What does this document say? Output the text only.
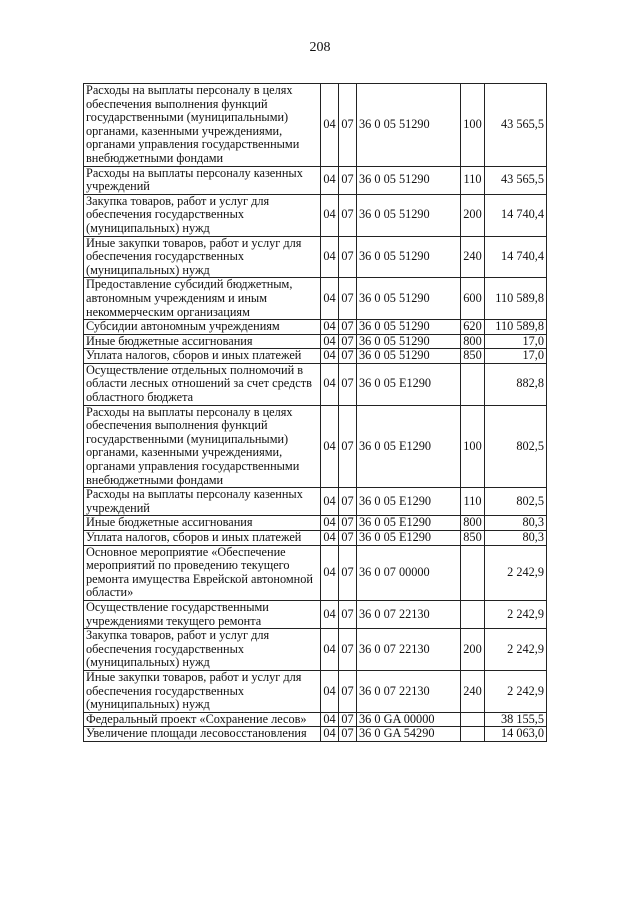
208
Расходы на выплаты персоналу в целях обеспечения выполнения функций государственными (муниципальными) органами, казенными учреждениями, органами управления государственными внебюджетными фондами	04	07	36 0 05 51290	100	43 565,5
Расходы на выплаты персоналу казенных учреждений	04	07	36 0 05 51290	110	43 565,5
Закупка товаров, работ и услуг для обеспечения государственных (муниципальных) нужд	04	07	36 0 05 51290	200	14 740,4
Иные закупки товаров, работ и услуг для обеспечения государственных (муниципальных) нужд	04	07	36 0 05 51290	240	14 740,4
Предоставление субсидий бюджетным, автономным учреждениям и иным некоммерческим организациям	04	07	36 0 05 51290	600	110 589,8
Субсидии автономным учреждениям	04	07	36 0 05 51290	620	110 589,8
Иные бюджетные ассигнования	04	07	36 0 05 51290	800	17,0
Уплата налогов, сборов и иных платежей	04	07	36 0 05 51290	850	17,0
Осуществление отдельных полномочий в области лесных отношений за счет средств областного бюджета	04	07	36 0 05 E1290		882,8
Расходы на выплаты персоналу в целях обеспечения выполнения функций государственными (муниципальными) органами, казенными учреждениями, органами управления государственными внебюджетными фондами	04	07	36 0 05 E1290	100	802,5
Расходы на выплаты персоналу казенных учреждений	04	07	36 0 05 E1290	110	802,5
Иные бюджетные ассигнования	04	07	36 0 05 E1290	800	80,3
Уплата налогов, сборов и иных платежей	04	07	36 0 05 E1290	850	80,3
Основное мероприятие «Обеспечение мероприятий по проведению текущего ремонта имущества Еврейской автономной области»	04	07	36 0 07 00000		2 242,9
Осуществление государственными учреждениями текущего ремонта	04	07	36 0 07 22130		2 242,9
Закупка товаров, работ и услуг для обеспечения государственных (муниципальных) нужд	04	07	36 0 07 22130	200	2 242,9
Иные закупки товаров, работ и услуг для обеспечения государственных (муниципальных) нужд	04	07	36 0 07 22130	240	2 242,9
Федеральный проект «Сохранение лесов»	04	07	36 0 GA 00000		38 155,5
Увеличение площади лесовосстановления	04	07	36 0 GA 54290		14 063,0
